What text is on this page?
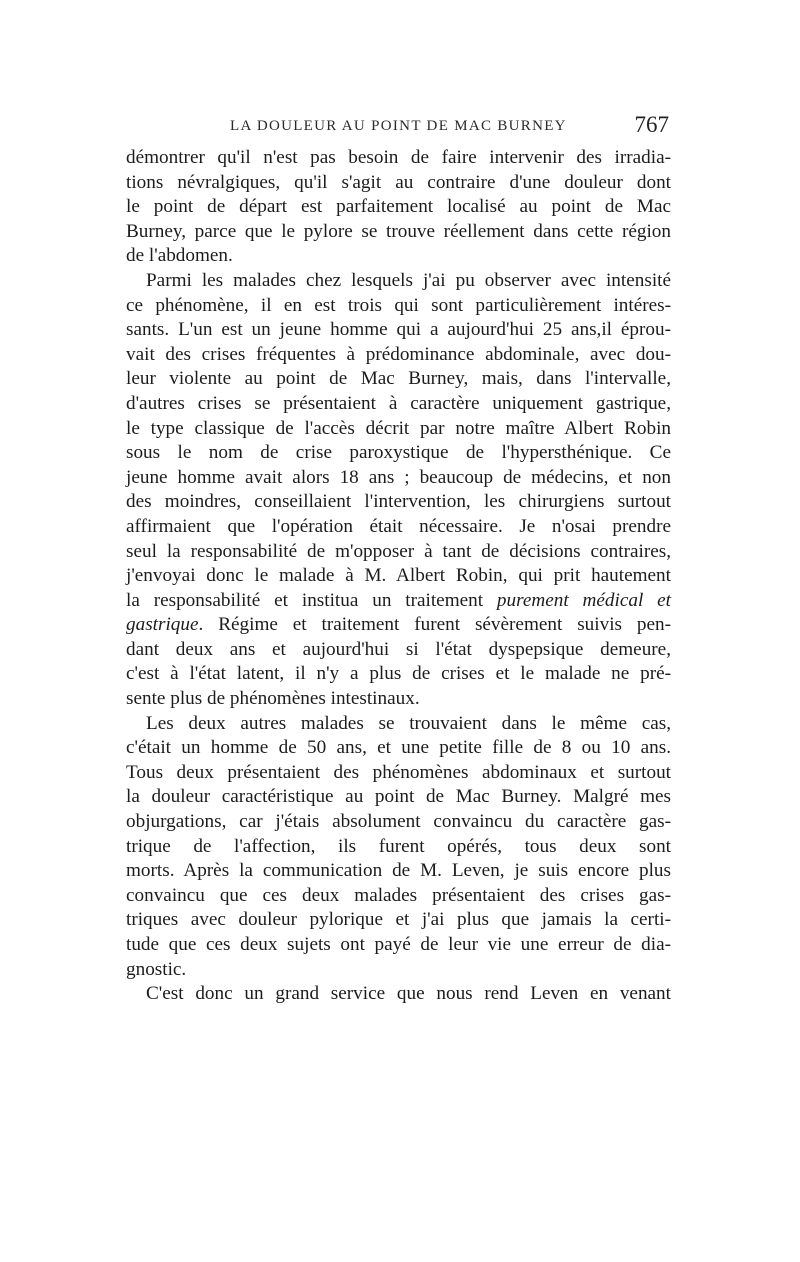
LA DOULEUR AU POINT DE MAC BURNEY	767
démontrer qu'il n'est pas besoin de faire intervenir des irradia-
tions névralgiques, qu'il s'agit au contraire d'une douleur dont
le point de départ est parfaitement localisé au point de Mac
Burney, parce que le pylore se trouve réellement dans cette région
de l'abdomen.
Parmi les malades chez lesquels j'ai pu observer avec intensité
ce phénomène, il en est trois qui sont particulièrement intéres-
sants. L'un est un jeune homme qui a aujourd'hui 25 ans,il éprou-
vait des crises fréquentes à prédominance abdominale, avec dou-
leur violente au point de Mac Burney, mais, dans l'intervalle,
d'autres crises se présentaient à caractère uniquement gastrique,
le type classique de l'accès décrit par notre maître Albert Robin
sous le nom de crise paroxystique de l'hypersthénique. Ce
jeune homme avait alors 18 ans ; beaucoup de médecins, et non
des moindres, conseillaient l'intervention, les chirurgiens surtout
affirmaient que l'opération était nécessaire. Je n'osai prendre
seul la responsabilité de m'opposer à tant de décisions contraires,
j'envoyai donc le malade à M. Albert Robin, qui prit hautement
la responsabilité et institua un traitement purement médical et
gastrique. Régime et traitement furent sévèrement suivis pen-
dant deux ans et aujourd'hui si l'état dyspepsique demeure,
c'est à l'état latent, il n'y a plus de crises et le malade ne pré-
sente plus de phénomènes intestinaux.
Les deux autres malades se trouvaient dans le même cas,
c'était un homme de 50 ans, et une petite fille de 8 ou 10 ans.
Tous deux présentaient des phénomènes abdominaux et surtout
la douleur caractéristique au point de Mac Burney. Malgré mes
objurgations, car j'étais absolument convaincu du caractère gas-
trique de l'affection, ils furent opérés, tous deux sont
morts. Après la communication de M. Leven, je suis encore plus
convaincu que ces deux malades présentaient des crises gas-
triques avec douleur pylorique et j'ai plus que jamais la certi-
tude que ces deux sujets ont payé de leur vie une erreur de dia-
gnostic.
C'est donc un grand service que nous rend Leven en venant
